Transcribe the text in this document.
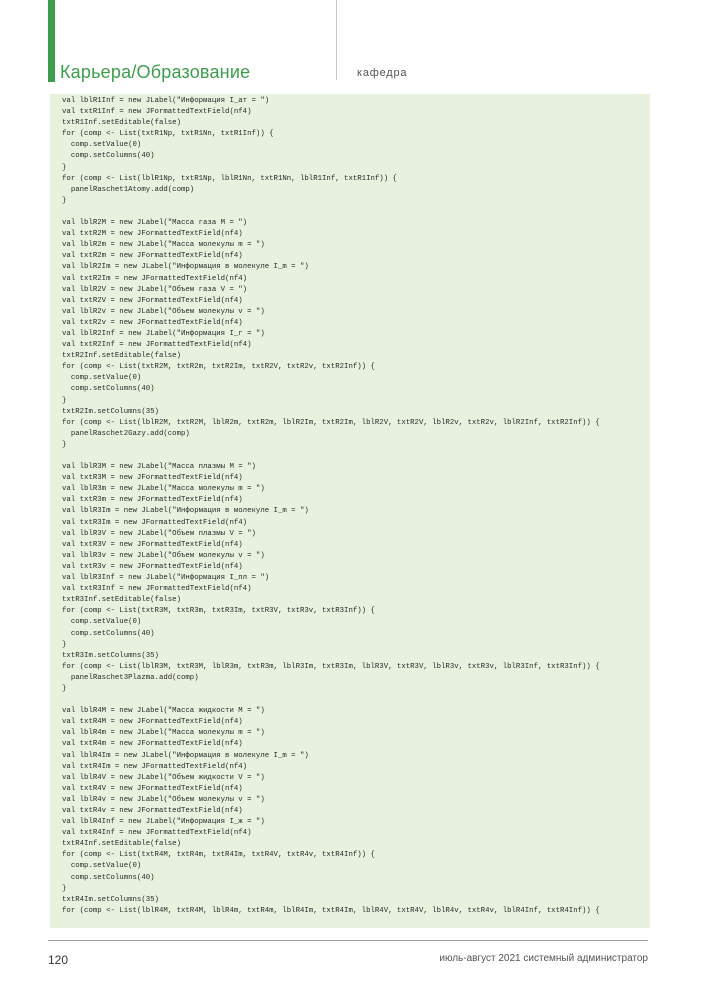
Карьера/Образование	кафедра
val lblR1Inf = new JLabel("Информация I_ат = ")
val txtR1Inf = new JFormattedTextField(nf4)
txtR1Inf.setEditable(false)
for (comp <- List(txtR1Np, txtR1Nn, txtR1Inf)) {
comp.setValue(0)
comp.setColumns(40)
}
for (comp <- List(lblR1Np, txtR1Np, lblR1Nn, txtR1Nn, lblR1Inf, txtR1Inf)) {
panelRaschet1Atomy.add(comp)
}
val lblR2M = new JLabel("Масса газа M = ")
val txtR2M = new JFormattedTextField(nf4)
val lblR2m = new JLabel("Масса молекулы m = ")
val txtR2m = new JFormattedTextField(nf4)
val lblR2Im = new JLabel("Информация в молекуле I_m = ")
val txtR2Im = new JFormattedTextField(nf4)
val lblR2V = new JLabel("Объем газа V = ")
val txtR2V = new JFormattedTextField(nf4)
val lblR2v = new JLabel("Объем молекулы v = ")
val txtR2v = new JFormattedTextField(nf4)
val lblR2Inf = new JLabel("Информация I_г = ")
val txtR2Inf = new JFormattedTextField(nf4)
txtR2Inf.setEditable(false)
for (comp <- List(txtR2M, txtR2m, txtR2Im, txtR2V, txtR2v, txtR2Inf)) {
comp.setValue(0)
comp.setColumns(40)
}
txtR2Im.setColumns(35)
for (comp <- List(lblR2M, txtR2M, lblR2m, txtR2m, lblR2Im, txtR2Im, lblR2V, txtR2V, lblR2v, txtR2v, lblR2Inf, txtR2Inf)) {
panelRaschet2Gazy.add(comp)
}
val lblR3M = new JLabel("Масса плазмы M = ")
val txtR3M = new JFormattedTextField(nf4)
val lblR3m = new JLabel("Масса молекулы m = ")
val txtR3m = new JFormattedTextField(nf4)
val lblR3Im = new JLabel("Информация в молекуле I_m = ")
val txtR3Im = new JFormattedTextField(nf4)
val lblR3V = new JLabel("Объем плазмы V = ")
val txtR3V = new JFormattedTextField(nf4)
val lblR3v = new JLabel("Объем молекулы v = ")
val txtR3v = new JFormattedTextField(nf4)
val lblR3Inf = new JLabel("Информация I_пл = ")
val txtR3Inf = new JFormattedTextField(nf4)
txtR3Inf.setEditable(false)
for (comp <- List(txtR3M, txtR3m, txtR3Im, txtR3V, txtR3v, txtR3Inf)) {
comp.setValue(0)
comp.setColumns(40)
}
txtR3Im.setColumns(35)
for (comp <- List(lblR3M, txtR3M, lblR3m, txtR3m, lblR3Im, txtR3Im, lblR3V, txtR3V, lblR3v, txtR3v, lblR3Inf, txtR3Inf)) {
panelRaschet3Plazma.add(comp)
}
val lblR4M = new JLabel("Масса жидкости M = ")
val txtR4M = new JFormattedTextField(nf4)
val lblR4m = new JLabel("Масса молекулы m = ")
val txtR4m = new JFormattedTextField(nf4)
val lblR4Im = new JLabel("Информация в молекуле I_m = ")
val txtR4Im = new JFormattedTextField(nf4)
val lblR4V = new JLabel("Объем жидкости V = ")
val txtR4V = new JFormattedTextField(nf4)
val lblR4v = new JLabel("Объем молекулы v = ")
val txtR4v = new JFormattedTextField(nf4)
val lblR4Inf = new JLabel("Информация I_ж = ")
val txtR4Inf = new JFormattedTextField(nf4)
txtR4Inf.setEditable(false)
for (comp <- List(txtR4M, txtR4m, txtR4Im, txtR4V, txtR4v, txtR4Inf)) {
comp.setValue(0)
comp.setColumns(40)
}
txtR4Im.setColumns(35)
for (comp <- List(lblR4M, txtR4M, lblR4m, txtR4m, lblR4Im, txtR4Im, lblR4V, txtR4V, lblR4v, txtR4v, lblR4Inf, txtR4Inf)) {
120	июль-август 2021 системный администратор
